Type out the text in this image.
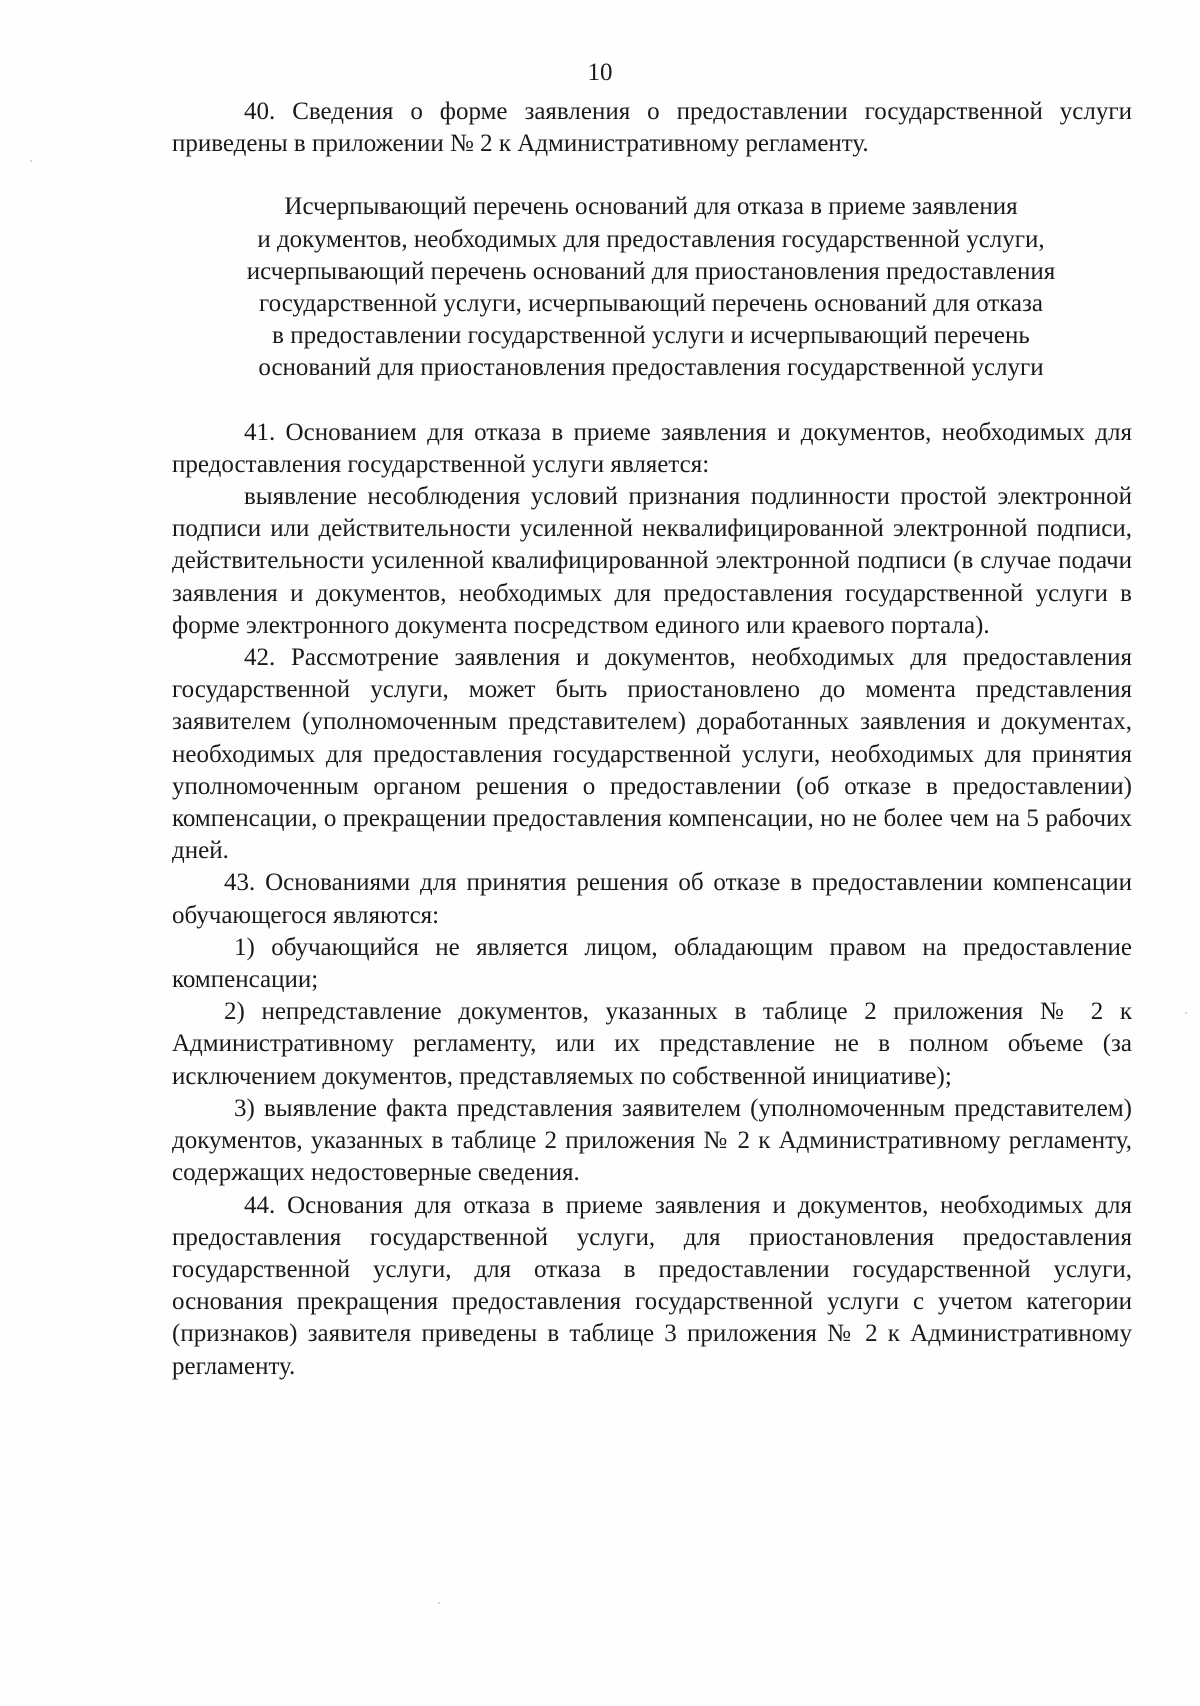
10

40. Сведения о форме заявления о предоставлении государственной услуги приведены в приложении № 2 к Административному регламенту.

Исчерпывающий перечень оснований для отказа в приеме заявления
и документов, необходимых для предоставления государственной услуги,
исчерпывающий перечень оснований для приостановления предоставления
государственной услуги, исчерпывающий перечень оснований для отказа
в предоставлении государственной услуги и исчерпывающий перечень
оснований для приостановления предоставления государственной услуги

41. Основанием для отказа в приеме заявления и документов, необходимых для предоставления государственной услуги является:

выявление несоблюдения условий признания подлинности простой электронной подписи или действительности усиленной неквалифицированной электронной подписи, действительности усиленной квалифицированной электронной подписи (в случае подачи заявления и документов, необходимых для предоставления государственной услуги в форме электронного документа посредством единого или краевого портала).

42. Рассмотрение заявления и документов, необходимых для предоставления государственной услуги, может быть приостановлено до момента представления заявителем (уполномоченным представителем) доработанных заявления и документах, необходимых для предоставления государственной услуги, необходимых для принятия уполномоченным органом решения о предоставлении (об отказе в предоставлении) компенсации, о прекращении предоставления компенсации, но не более чем на 5 рабочих дней.

43. Основаниями для принятия решения об отказе в предоставлении компенсации обучающегося являются:

1) обучающийся не является лицом, обладающим правом на предоставление компенсации;

2) непредставление документов, указанных в таблице 2 приложения № 2 к Административному регламенту, или их представление не в полном объеме (за исключением документов, представляемых по собственной инициативе);

3) выявление факта представления заявителем (уполномоченным представителем) документов, указанных в таблице 2 приложения № 2 к Административному регламенту, содержащих недостоверные сведения.

44. Основания для отказа в приеме заявления и документов, необходимых для предоставления государственной услуги, для приостановления предоставления государственной услуги, для отказа в предоставлении государственной услуги, основания прекращения предоставления государственной услуги с учетом категории (признаков) заявителя приведены в таблице 3 приложения № 2 к Административному регламенту.
